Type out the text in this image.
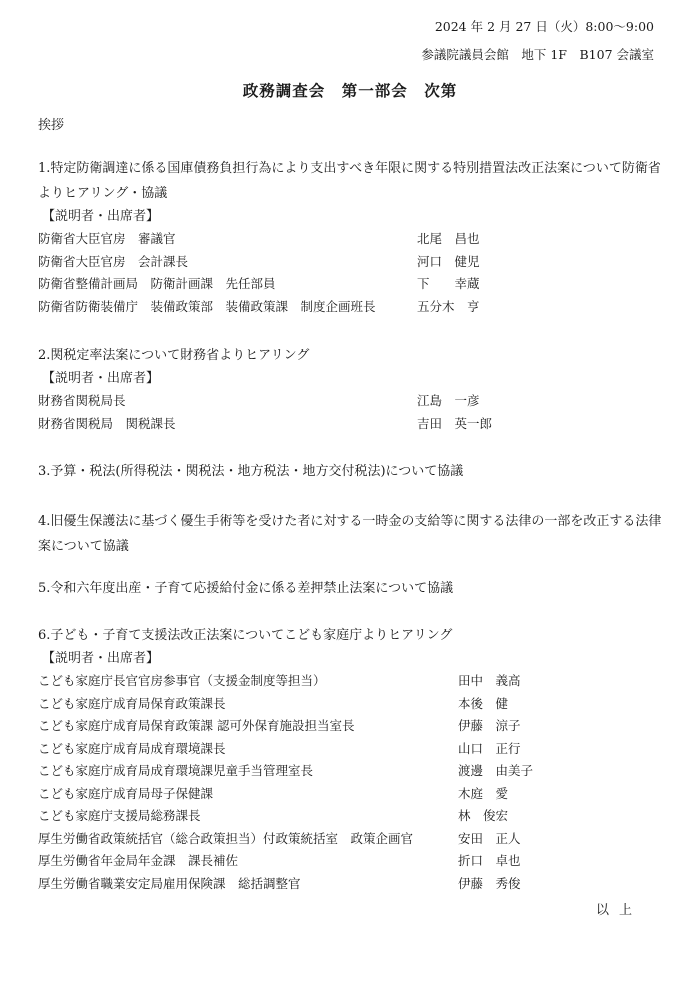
2024 年 2 月 27 日（火）8:00〜9:00
参議院議員会館　地下 1F　B107 会議室
政務調査会　第一部会　次第
挨拶

1.特定防衛調達に係る国庫債務負担行為により支出すべき年限に関する特別措置法改正法案について防衛省よりヒアリング・協議

【説明者・出席者】
防衛省大臣官房　審議官	北尾　昌也
防衛省大臣官房　会計課長	河口　健児
防衛省整備計画局　防衛計画課　先任部員	下　　幸蔵
防衛省防衛装備庁　装備政策部　装備政策課　制度企画班長	五分木　亨

2.関税定率法案について財務省よりヒアリング

【説明者・出席者】
財務省関税局長	江島　一彦
財務省関税局　関税課長	吉田　英一郎

3.予算・税法(所得税法・関税法・地方税法・地方交付税法)について協議

4.旧優生保護法に基づく優生手術等を受けた者に対する一時金の支給等に関する法律の一部を改正する法律案について協議

5.令和六年度出産・子育て応援給付金に係る差押禁止法案について協議

6.子ども・子育て支援法改正法案についてこども家庭庁よりヒアリング

【説明者・出席者】
こども家庭庁長官官房参事官（支援金制度等担当）	田中　義高
こども家庭庁成育局保育政策課長	本後　健
こども家庭庁成育局保育政策課 認可外保育施設担当室長	伊藤　涼子
こども家庭庁成育局成育環境課長	山口　正行
こども家庭庁成育局成育環境課児童手当管理室長	渡邊　由美子
こども家庭庁成育局母子保健課	木庭　愛
こども家庭庁支援局総務課長	林　俊宏
厚生労働省政策統括官（総合政策担当）付政策統括室　政策企画官	安田　正人
厚生労働省年金局年金課　課長補佐	折口　卓也
厚生労働省職業安定局雇用保険課　総括調整官	伊藤　秀俊
以上
